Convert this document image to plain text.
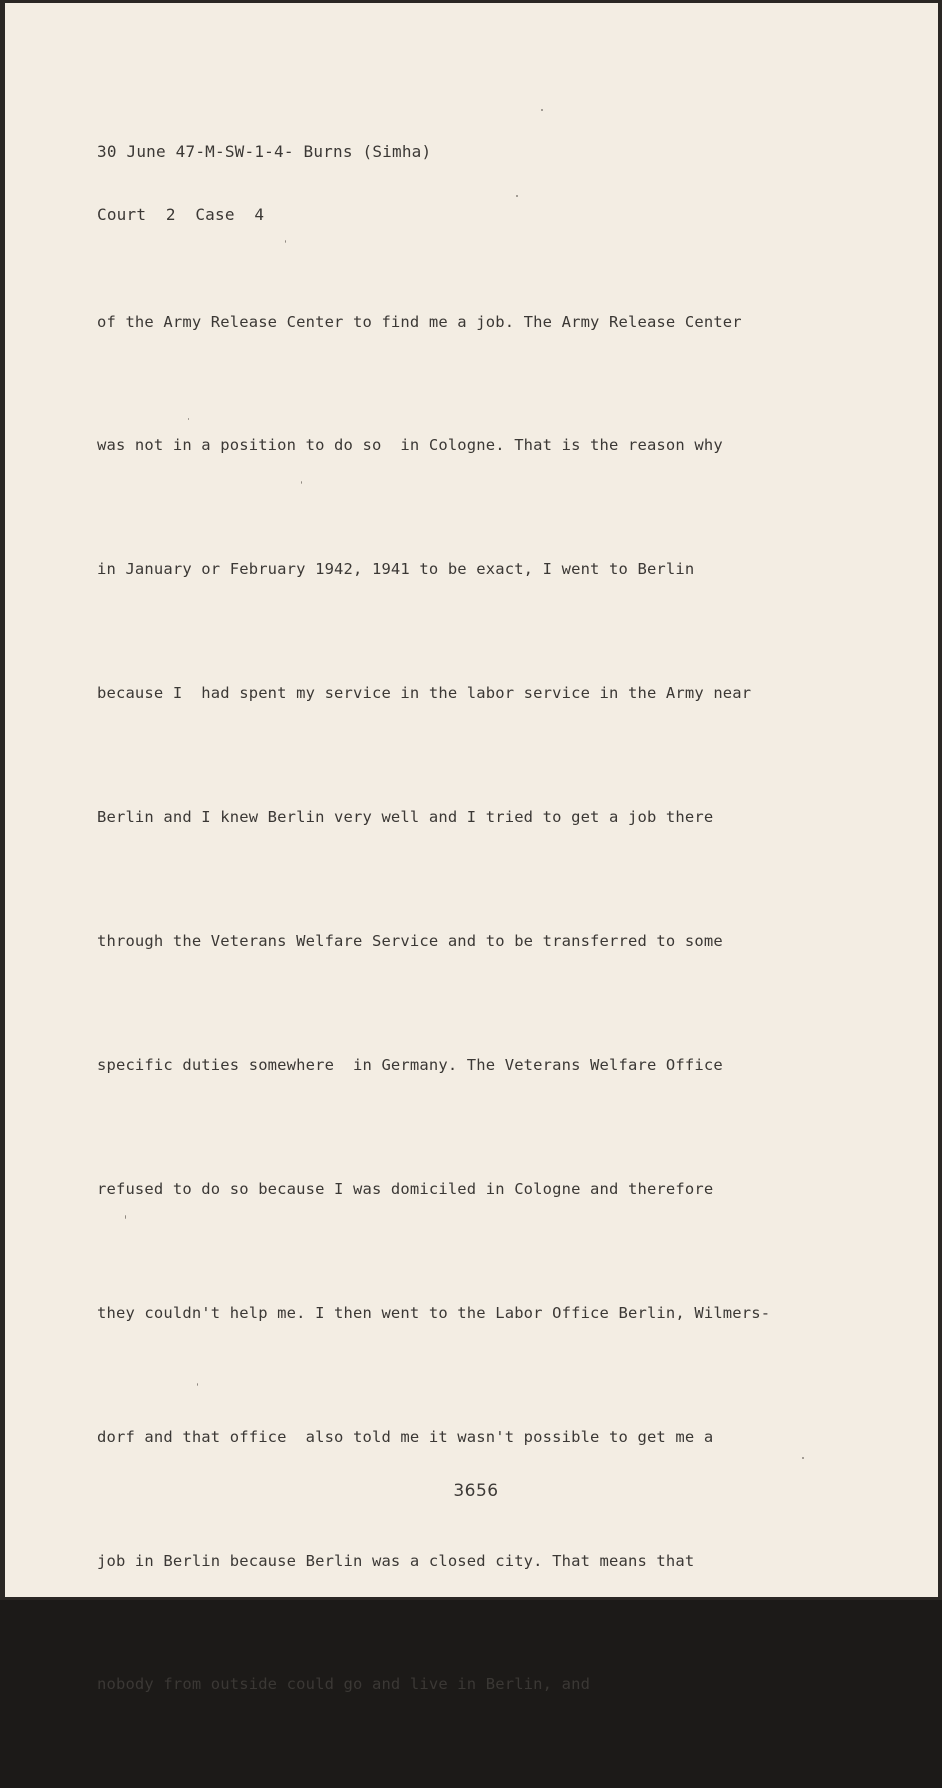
30 June 47-M-SW-1-4- Burns (Simha)

Court  2  Case  4

of the Army Release Center to find me a job. The Army Release Center

was not in a position to do so  in Cologne. That is the reason why

in January or February 1942, 1941 to be exact, I went to Berlin

because I  had spent my service in the labor service in the Army near

Berlin and I knew Berlin very well and I tried to get a job there

through the Veterans Welfare Service and to be transferred to some

specific duties somewhere  in Germany. The Veterans Welfare Office

refused to do so because I was domiciled in Cologne and therefore

they couldn't help me. I then went to the Labor Office Berlin, Wilmers-

dorf and that office  also told me it wasn't possible to get me a

job in Berlin because Berlin was a closed city. That means that

nobody from outside could go and live in Berlin, and

3656
